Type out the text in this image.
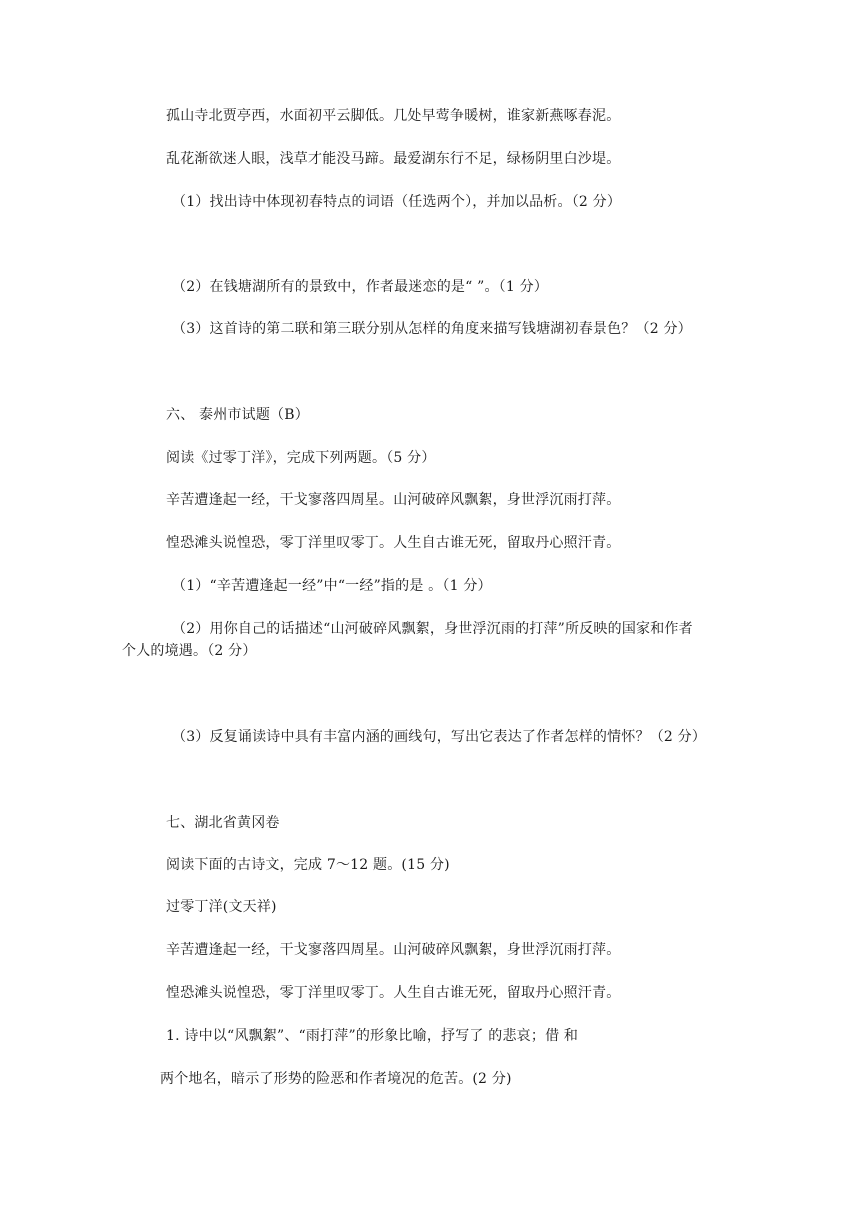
孤山寺北贾亭西，水面初平云脚低。几处早莺争暖树，谁家新燕啄春泥。
乱花渐欲迷人眼，浅草才能没马蹄。最爱湖东行不足，绿杨阴里白沙堤。
（1）找出诗中体现初春特点的词语（任选两个），并加以品析。（2 分）
（2）在钱塘湖所有的景致中，作者最迷恋的是“ ”。（1 分）
（3）这首诗的第二联和第三联分别从怎样的角度来描写钱塘湖初春景色？（2 分）
六、 泰州市试题（B）
阅读《过零丁洋》，完成下列两题。（5 分）
辛苦遭逢起一经，干戈寥落四周星。山河破碎风飘絮，身世浮沉雨打萍。
惶恐滩头说惶恐，零丁洋里叹零丁。人生自古谁无死，留取丹心照汗青。
（1）“辛苦遭逢起一经”中“一经”指的是 。（1 分）
（2）用你自己的话描述“山河破碎风飘絮，身世浮沉雨的打萍”所反映的国家和作者
个人的境遇。（2 分）
（3）反复诵读诗中具有丰富内涵的画线句，写出它表达了作者怎样的情怀？（2 分）
七、湖北省黄冈卷
阅读下面的古诗文，完成 7～12 题。(15 分)
过零丁洋(文天祥)
辛苦遭逢起一经，干戈寥落四周星。山河破碎风飘絮，身世浮沉雨打萍。
惶恐滩头说惶恐，零丁洋里叹零丁。人生自古谁无死，留取丹心照汗青。
1. 诗中以“风飘絮”、“雨打萍”的形象比喻，抒写了 的悲哀；借 和
两个地名，暗示了形势的险恶和作者境况的危苦。(2 分)
